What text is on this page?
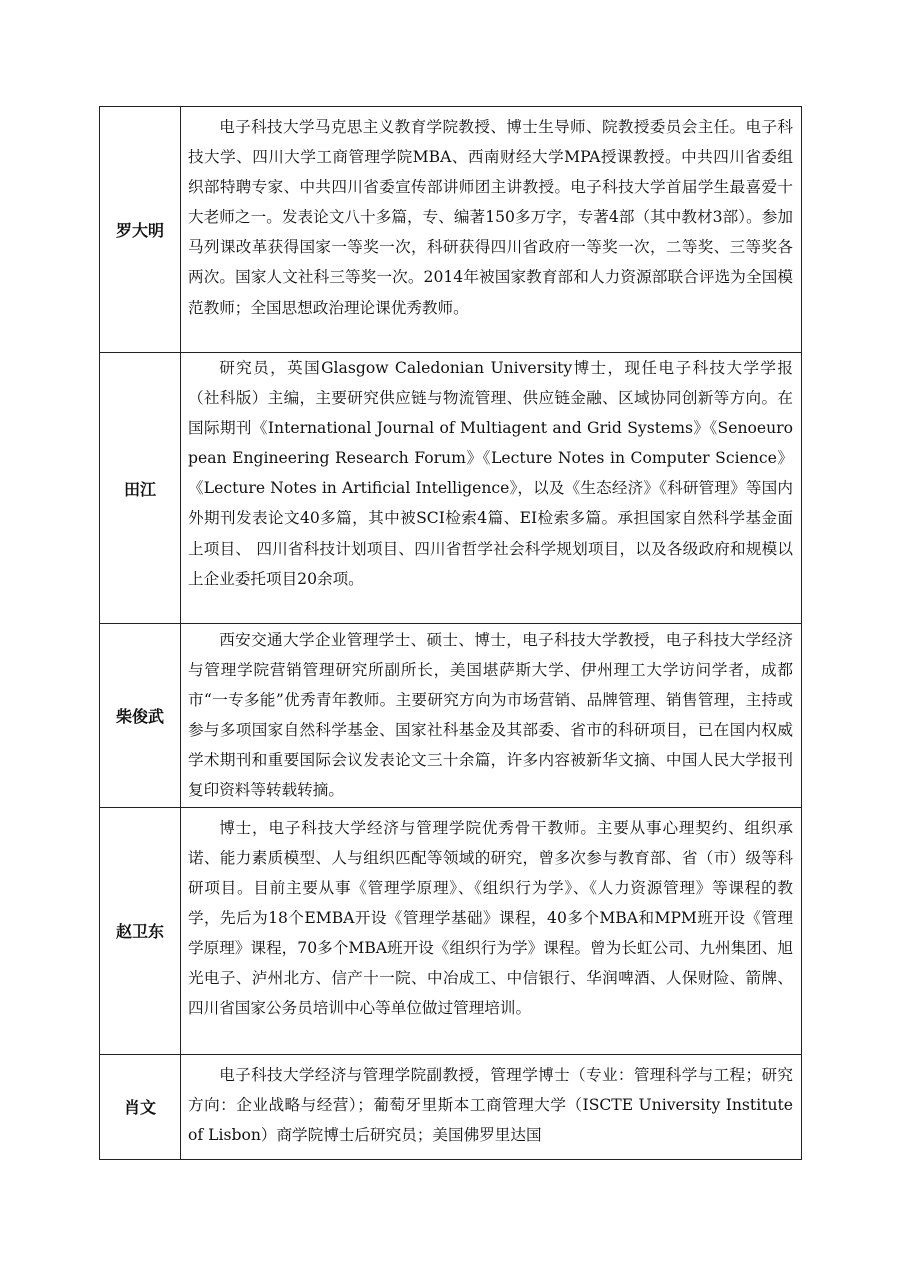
罗大明	电子科技大学马克思主义教育学院教授、博士生导师、院教授委员会主任。电子科技大学、四川大学工商管理学院MBA、西南财经大学MPA授课教授。中共四川省委组织部特聘专家、中共四川省委宣传部讲师团主讲教授。电子科技大学首届学生最喜爱十大老师之一。发表论文八十多篇，专、编著150多万字，专著4部（其中教材3部）。参加马列课改革获得国家一等奖一次，科研获得四川省政府一等奖一次，二等奖、三等奖各两次。国家人文社科三等奖一次。2014年被国家教育部和人力资源部联合评选为全国模范教师；全国思想政治理论课优秀教师。

田江	研究员，英国Glasgow Caledonian University博士，现任电子科技大学学报（社科版）主编，主要研究供应链与物流管理、供应链金融、区域协同创新等方向。在国际期刊《International Journal of Multiagent and Grid Systems》《Senoeuropean Engineering Research Forum》《Lecture Notes in Computer Science》《Lecture Notes in Artificial Intelligence》，以及《生态经济》《科研管理》等国内外期刊发表论文40多篇，其中被SCI检索4篇、EI检索多篇。承担国家自然科学基金面上项目、 四川省科技计划项目、四川省哲学社会科学规划项目，以及各级政府和规模以上企业委托项目20余项。

柴俊武	西安交通大学企业管理学士、硕士、博士，电子科技大学教授，电子科技大学经济与管理学院营销管理研究所副所长，美国堪萨斯大学、伊州理工大学访问学者，成都市“一专多能”优秀青年教师。主要研究方向为市场营销、品牌管理、销售管理，主持或参与多项国家自然科学基金、国家社科基金及其部委、省市的科研项目，已在国内权威学术期刊和重要国际会议发表论文三十余篇，许多内容被新华文摘、中国人民大学报刊复印资料等转载转摘。

赵卫东	博士，电子科技大学经济与管理学院优秀骨干教师。主要从事心理契约、组织承诺、能力素质模型、人与组织匹配等领域的研究，曾多次参与教育部、省（市）级等科研项目。目前主要从事《管理学原理》、《组织行为学》、《人力资源管理》等课程的教学，先后为18个EMBA开设《管理学基础》课程，40多个MBA和MPM班开设《管理学原理》课程，70多个MBA班开设《组织行为学》课程。曾为长虹公司、九州集团、旭光电子、泸州北方、信产十一院、中冶成工、中信银行、华润啤酒、人保财险、箭牌、四川省国家公务员培训中心等单位做过管理培训。

肖文	电子科技大学经济与管理学院副教授，管理学博士（专业：管理科学与工程；研究方向：企业战略与经营）；葡萄牙里斯本工商管理大学（ISCTE University Institute of Lisbon）商学院博士后研究员；美国佛罗里达国
